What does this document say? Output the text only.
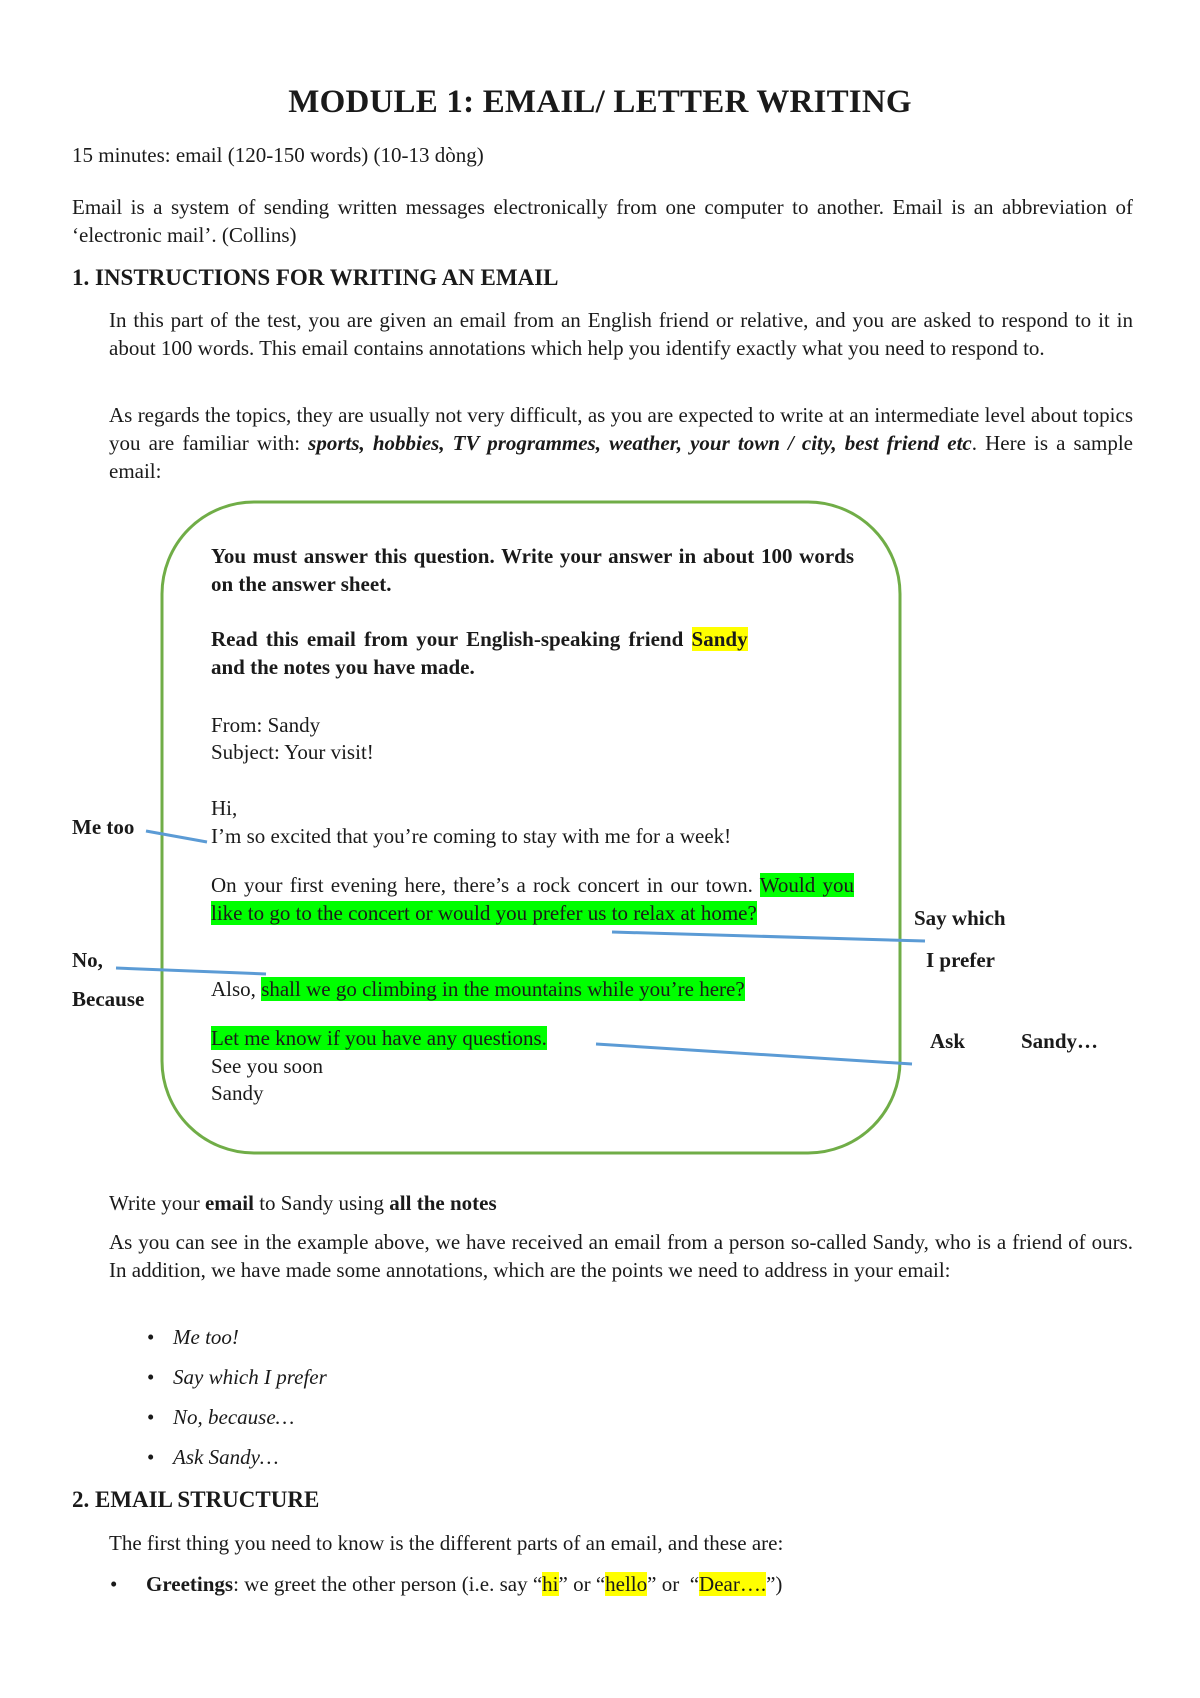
MODULE 1: EMAIL/ LETTER WRITING
15 minutes: email (120-150 words) (10-13 dòng)
Email is a system of sending written messages electronically from one computer to another. Email is an abbreviation of ‘electronic mail’. (Collins)
1. INSTRUCTIONS FOR WRITING AN EMAIL
In this part of the test, you are given an email from an English friend or relative, and you are asked to respond to it in about 100 words. This email contains annotations which help you identify exactly what you need to respond to.
As regards the topics, they are usually not very difficult, as you are expected to write at an intermediate level about topics you are familiar with: sports, hobbies, TV programmes, weather, your town / city, best friend etc. Here is a sample email:
You must answer this question. Write your answer in about 100 words on the answer sheet.
Read this email from your English-speaking friend Sandy
and the notes you have made.
From: Sandy
Subject: Your visit!
Hi,
I’m so excited that you’re coming to stay with me for a week!
On your first evening here, there’s a rock concert in our town. Would you like to go to the concert or would you prefer us to relax at home?
Also, shall we go climbing in the mountains while you’re here?
Let me know if you have any questions.
See you soon
Sandy
Me too
No,
Because
Say which
I prefer
Ask	Sandy…
Write your email to Sandy using all the notes
As you can see in the example above, we have received an email from a person so-called Sandy, who is a friend of ours. In addition, we have made some annotations, which are the points we need to address in your email:
• Me too!
• Say which I prefer
• No, because…
• Ask Sandy…
2. EMAIL STRUCTURE
The first thing you need to know is the different parts of an email, and these are:
• Greetings: we greet the other person (i.e. say “hi” or “hello” or  “Dear….”)
